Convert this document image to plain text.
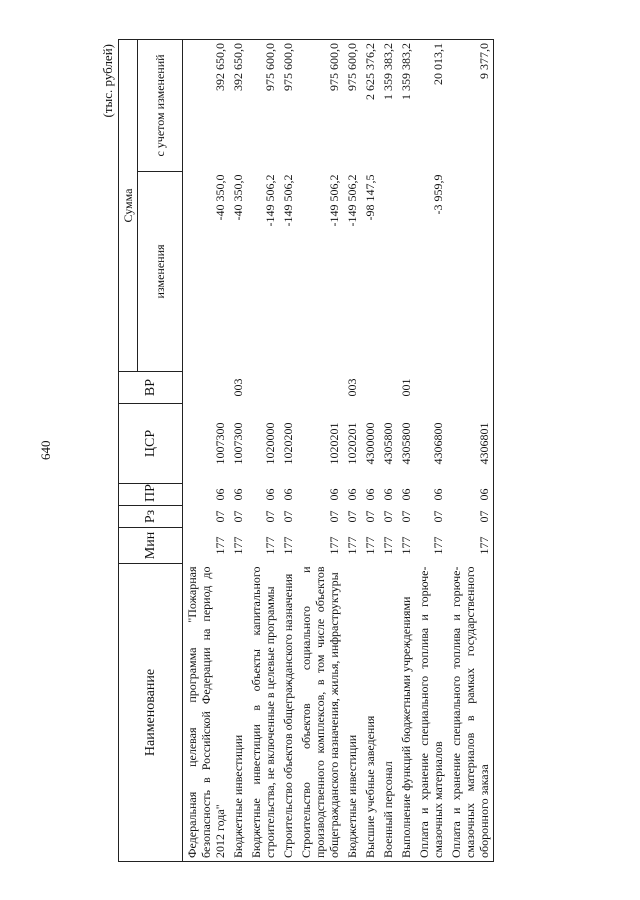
640
(тыс. рублей)
Наименование	Мин	Рз	ПР	ЦСР	ВР	Сумма	
						изменения	с учетом изменений
Федеральная целевая программа "Пожарная безопасность в Российской Федерации на период до 2012 года"	177	07	06	1007300		-40 350,0	392 650,0
Бюджетные инвестиции	177	07	06	1007300	003	-40 350,0	392 650,0
Бюджетные инвестиции в объекты капитального строительства, не включенные в целевые программы	177	07	06	1020000		-149 506,2	975 600,0
Строительство объектов общегражданского назначения	177	07	06	1020200		-149 506,2	975 600,0
Строительство объектов социального и производственного комплексов, в том числе объектов общегражданского назначения, жилья, инфраструктуры	177	07	06	1020201		-149 506,2	975 600,0
Бюджетные инвестиции	177	07	06	1020201	003	-149 506,2	975 600,0
Высшие учебные заведения	177	07	06	4300000		-98 147,5	2 625 376,2
Военный персонал	177	07	06	4305800			1 359 383,2
Выполнение функций бюджетными учреждениями	177	07	06	4305800	001		1 359 383,2
Оплата и хранение специального топлива и горюче-смазочных материалов	177	07	06	4306800		-3 959,9	20 013,1
Оплата и хранение специального топлива и горюче-смазочных материалов в рамках государственного оборонного заказа	177	07	06	4306801			9 377,0
